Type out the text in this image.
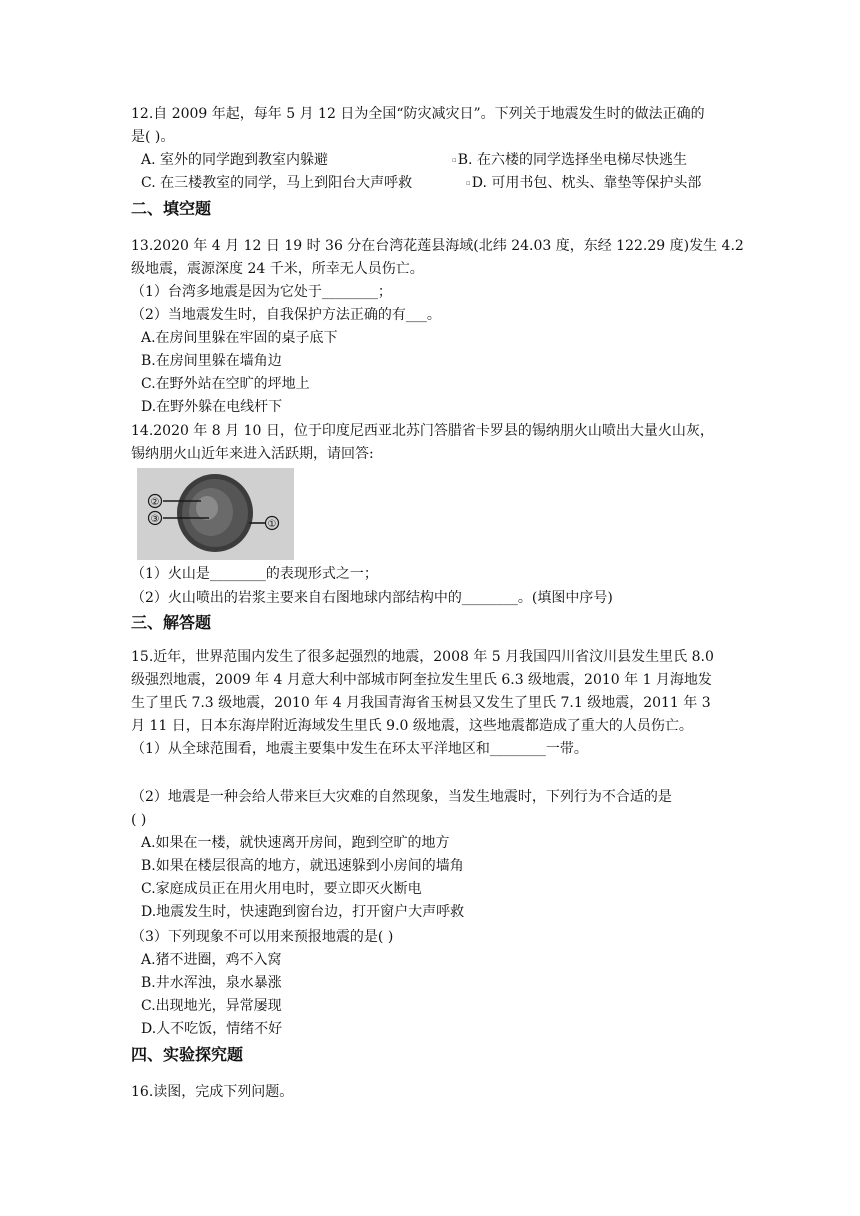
12.自 2009 年起，每年 5 月 12 日为全国“防灾减灾日”。下列关于地震发生时的做法正确的
是( )。
A. 室外的同学跑到教室内躲避	▫B. 在六楼的同学选择坐电梯尽快逃生
C. 在三楼教室的同学，马上到阳台大声呼救	▫D. 可用书包、枕头、靠垫等保护头部
二、填空题
13.2020 年 4 月 12 日 19 时 36 分在台湾花莲县海域(北纬 24.03 度，东经 122.29 度)发生 4.2
级地震，震源深度 24 千米，所幸无人员伤亡。
（1）台湾多地震是因为它处于________；
（2）当地震发生时，自我保护方法正确的有___。
A.在房间里躲在牢固的桌子底下
B.在房间里躲在墙角边
C.在野外站在空旷的坪地上
D.在野外躲在电线杆下
14.2020 年 8 月 10 日，位于印度尼西亚北苏门答腊省卡罗县的锡纳朋火山喷出大量火山灰，
锡纳朋火山近年来进入活跃期，请回答:
②
③	①
（1）火山是________的表现形式之一；
（2）火山喷出的岩浆主要来自右图地球内部结构中的________。(填图中序号)
三、解答题
15.近年，世界范围内发生了很多起强烈的地震，2008 年 5 月我国四川省汶川县发生里氏 8.0
级强烈地震，2009 年 4 月意大利中部城市阿奎拉发生里氏 6.3 级地震，2010 年 1 月海地发
生了里氏 7.3 级地震，2010 年 4 月我国青海省玉树县又发生了里氏 7.1 级地震，2011 年 3
月 11 日，日本东海岸附近海域发生里氏 9.0 级地震，这些地震都造成了重大的人员伤亡。
（1）从全球范围看，地震主要集中发生在环太平洋地区和________一带。
（2）地震是一种会给人带来巨大灾难的自然现象，当发生地震时，下列行为不合适的是
( )
A.如果在一楼，就快速离开房间，跑到空旷的地方
B.如果在楼层很高的地方，就迅速躲到小房间的墙角
C.家庭成员正在用火用电时，要立即灭火断电
D.地震发生时，快速跑到窗台边，打开窗户大声呼救
（3）下列现象不可以用来预报地震的是( )
A.猪不进圈，鸡不入窝
B.井水浑浊，泉水暴涨
C.出现地光，异常屡现
D.人不吃饭，情绪不好
四、实验探究题
16.读图，完成下列问题。
